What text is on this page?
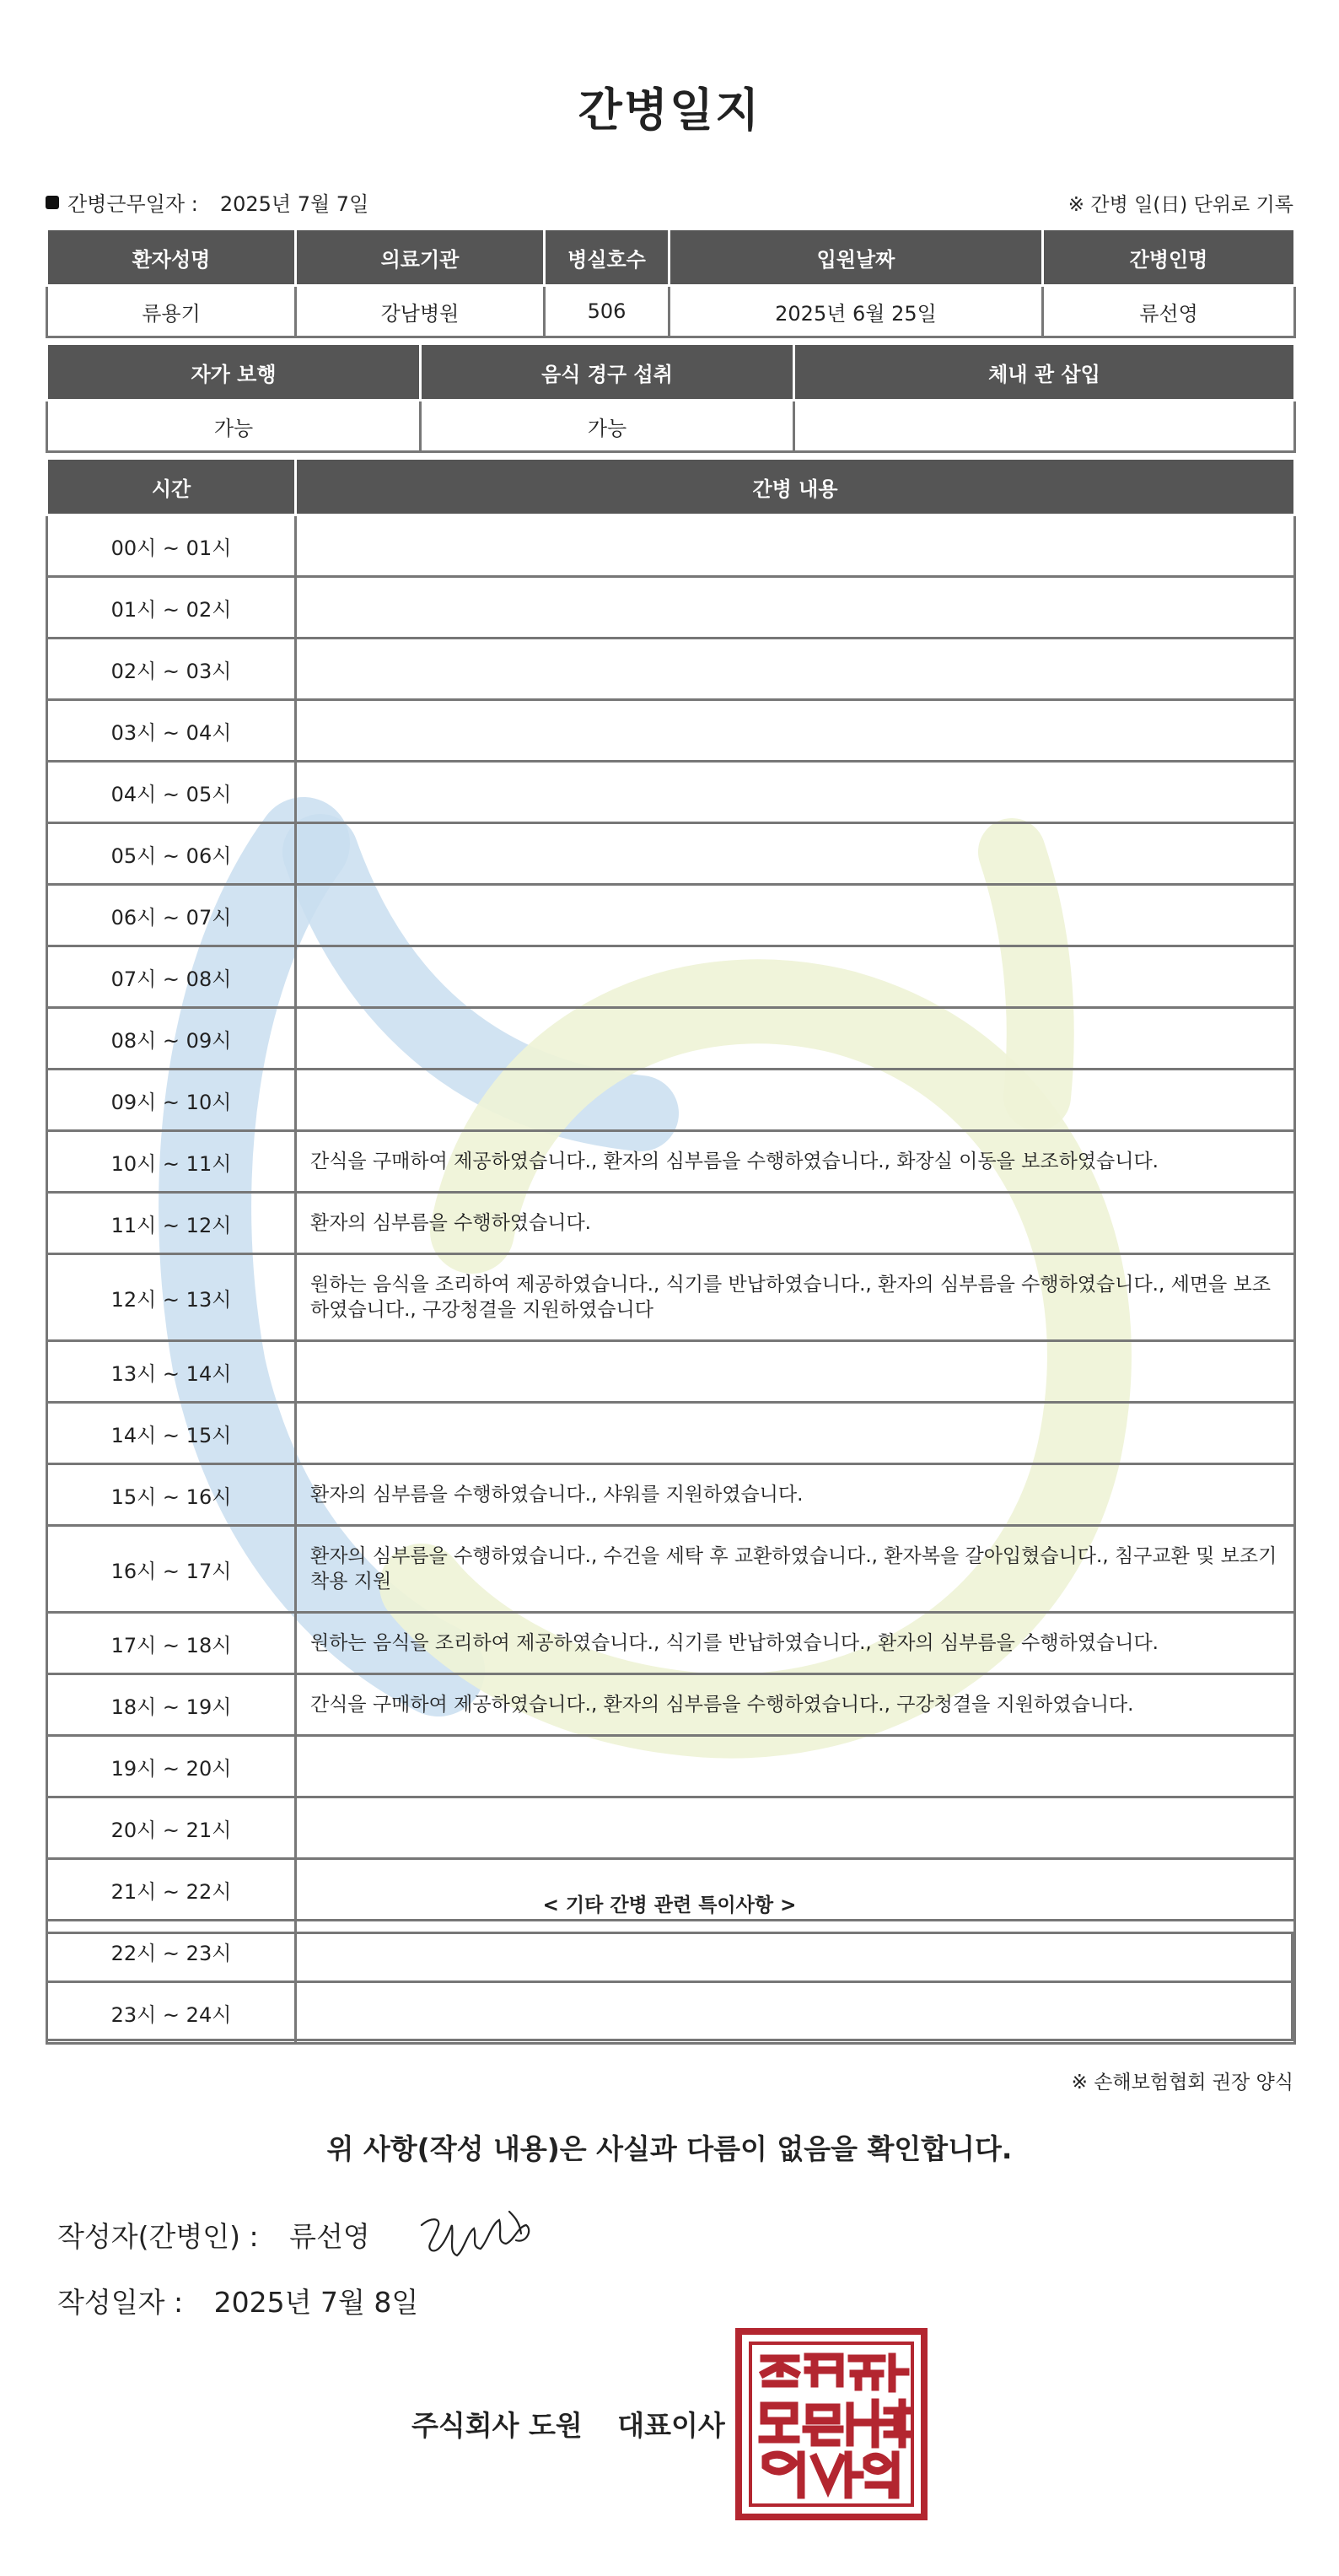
간병일지
간병근무일자 : 2025년 7월 7일	※ 간병 일(日) 단위로 기록
환자성명	의료기관	병실호수	입원날짜	간병인명
류용기	강남병원	506	2025년 6월 25일	류선영
자가 보행	음식 경구 섭취	체내 관 삽입
가능	가능	
시간	간병 내용
00시 ~ 01시	
01시 ~ 02시	
02시 ~ 03시	
03시 ~ 04시	
04시 ~ 05시	
05시 ~ 06시	
06시 ~ 07시	
07시 ~ 08시	
08시 ~ 09시	
09시 ~ 10시	
10시 ~ 11시	간식을 구매하여 제공하였습니다., 환자의 심부름을 수행하였습니다., 화장실 이동을 보조하였습니다.
11시 ~ 12시	환자의 심부름을 수행하였습니다.
12시 ~ 13시	원하는 음식을 조리하여 제공하였습니다., 식기를 반납하였습니다., 환자의 심부름을 수행하였습니다., 세면을 보조하였습니다., 구강청결을 지원하였습니다
13시 ~ 14시	
14시 ~ 15시	
15시 ~ 16시	환자의 심부름을 수행하였습니다., 샤워를 지원하였습니다.
16시 ~ 17시	환자의 심부름을 수행하였습니다., 수건을 세탁 후 교환하였습니다., 환자복을 갈아입혔습니다., 침구교환 및 보조기 착용 지원
17시 ~ 18시	원하는 음식을 조리하여 제공하였습니다., 식기를 반납하였습니다., 환자의 심부름을 수행하였습니다.
18시 ~ 19시	간식을 구매하여 제공하였습니다., 환자의 심부름을 수행하였습니다., 구강청결을 지원하였습니다.
19시 ~ 20시	
20시 ~ 21시	
21시 ~ 22시	
22시 ~ 23시	
23시 ~ 24시	
< 기타 간병 관련 특이사항 >
※ 손해보험협회 권장 양식
위 사항(작성 내용)은 사실과 다름이 없음을 확인합니다.
작성자(간병인) : 류선영
작성일자 : 2025년 7월 8일
주식회사 도원 대표이사
